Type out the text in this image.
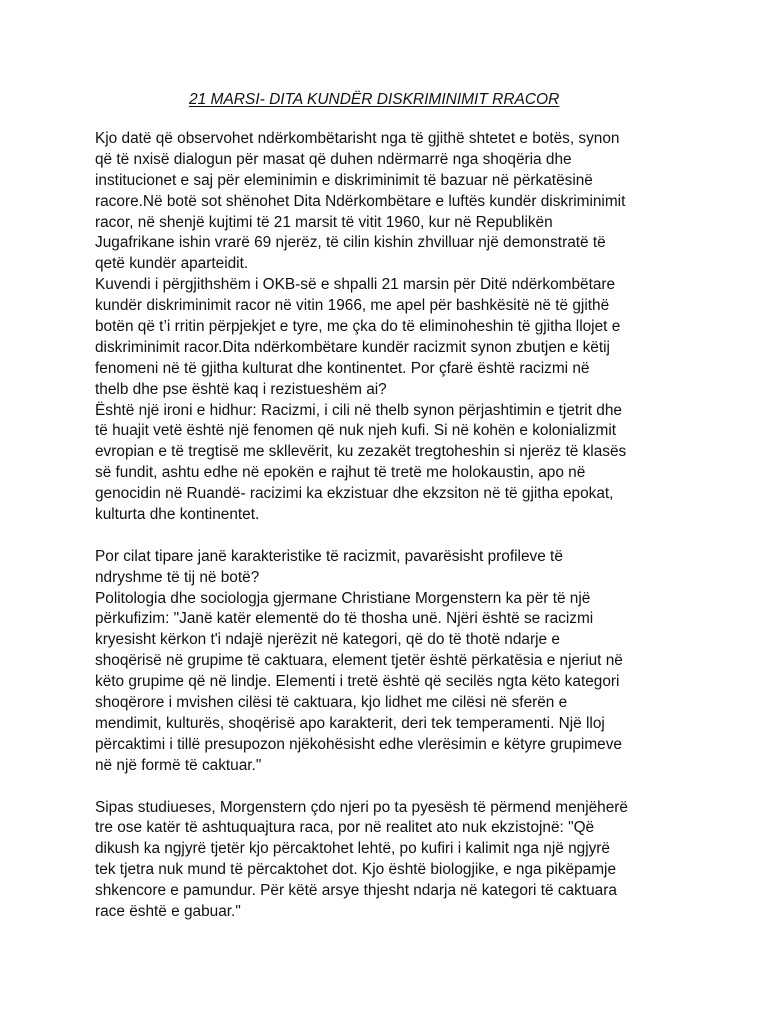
21 MARSI- DITA KUNDËR DISKRIMINIMIT RRACOR
Kjo datë që observohet ndërkombëtarisht nga të gjithë shtetet e botës, synon
që të nxisë dialogun për masat që duhen ndërmarrë nga shoqëria dhe
institucionet e saj për eleminimin e diskriminimit të bazuar në përkatësinë
racore.Në botë sot shënohet Dita Ndërkombëtare e luftës kundër diskriminimit
racor, në shenjë kujtimi të 21 marsit të vitit 1960, kur në Republikën
Jugafrikane ishin vrarë 69 njerëz, të cilin kishin zhvilluar një demonstratë të
qetë kundër aparteidit.
Kuvendi i përgjithshëm i OKB-së e shpalli 21 marsin për Ditë ndërkombëtare
kundër diskriminimit racor në vitin 1966, me apel për bashkësitë në të gjithë
botën që t’i rritin përpjekjet e tyre, me çka do të eliminoheshin të gjitha llojet e
diskriminimit racor.Dita ndërkombëtare kundër racizmit synon zbutjen e këtij
fenomeni në të gjitha kulturat dhe kontinentet. Por çfarë është racizmi në
thelb dhe pse është kaq i rezistueshëm ai?
Është një ironi e hidhur: Racizmi, i cili në thelb synon përjashtimin e tjetrit dhe
të huajit vetë është një fenomen që nuk njeh kufi. Si në kohën e kolonializmit
evropian e të tregtisë me skllevërit, ku zezakët tregtoheshin si njerëz të klasës
së fundit, ashtu edhe në epokën e rajhut të tretë me holokaustin, apo në
genocidin në Ruandë- racizimi ka ekzistuar dhe ekzsiton në të gjitha epokat,
kulturta dhe kontinentet.
Por cilat tipare janë karakteristike të racizmit, pavarësisht profileve të
ndryshme të tij në botë?
Politologia dhe sociologja gjermane Christiane Morgenstern ka për të një
përkufizim: "Janë katër elementë do të thosha unë. Njëri është se racizmi
kryesisht kërkon t'i ndajë njerëzit në kategori, që do të thotë ndarje e
shoqërisë në grupime të caktuara, element tjetër është përkatësia e njeriut në
këto grupime që në lindje. Elementi i tretë është që secilës ngta këto kategori
shoqërore i mvishen cilësi të caktuara, kjo lidhet me cilësi në sferën e
mendimit, kulturës, shoqërisë apo karakterit, deri tek temperamenti. Një lloj
përcaktimi i tillë presupozon njëkohësisht edhe vlerësimin e këtyre grupimeve
në një formë të caktuar."
Sipas studiueses, Morgenstern çdo njeri po ta pyesësh të përmend menjëherë
tre ose katër të ashtuquajtura raca, por në realitet ato nuk ekzistojnë: "Që
dikush ka ngjyrë tjetër kjo përcaktohet lehtë, po kufiri i kalimit nga një ngjyrë
tek tjetra nuk mund të përcaktohet dot. Kjo është biologjike, e nga pikëpamje
shkencore e pamundur. Për këtë arsye thjesht ndarja në kategori të caktuara
race është e gabuar."
